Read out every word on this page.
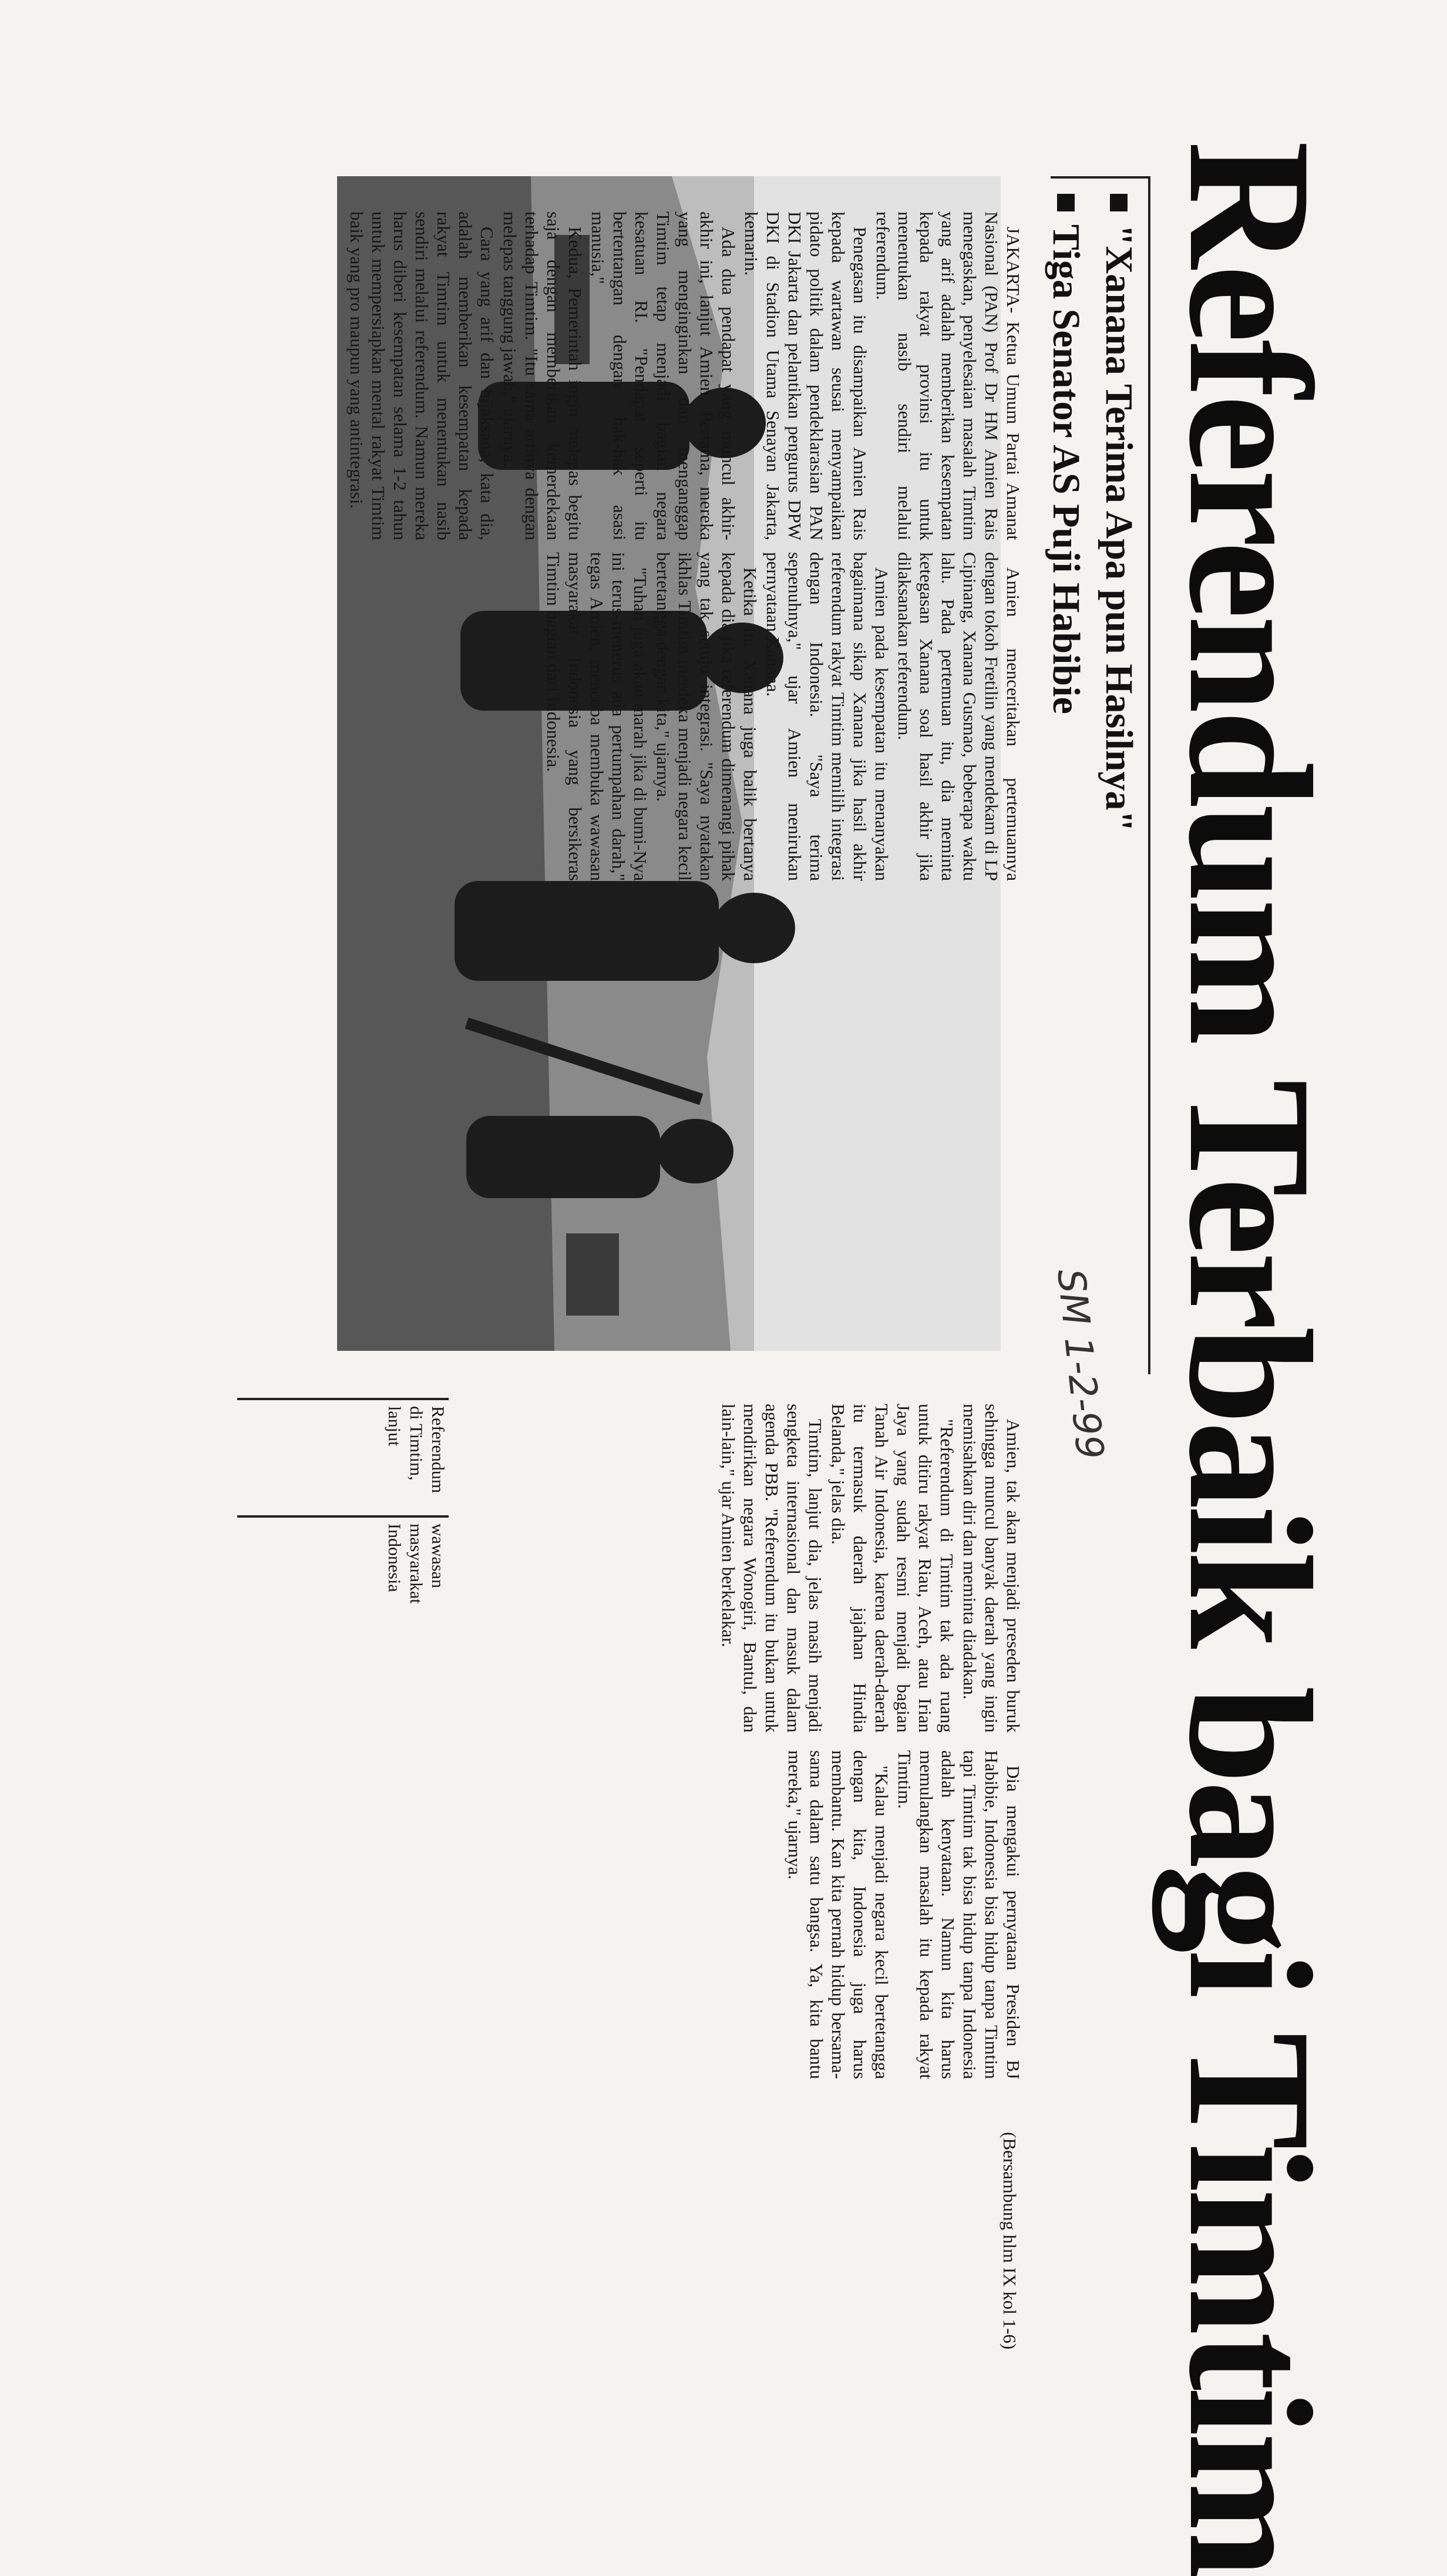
Referendum Terbaik bagi Timtim
"Xanana Terima Apa pun Hasilnya"
Tiga Senator AS Puji Habibie
SM 1-2-99

JAKARTA- Ketua Umum Partai Amanat Nasional (PAN) Prof Dr HM Amien Rais menegaskan, penyelesaian masalah Timtim yang arif adalah memberikan kesempatan kepada rakyat provinsi itu untuk menentukan nasib sendiri melalui referendum.

Penegasan itu disampaikan Amien Rais kepada wartawan seusai menyampaikan pidato politik dalam pendeklarasian PAN DKI Jakarta dan pelantikan pengurus DPW DKI di Stadion Utama Senayan Jakarta, kemarin.

Ada dua pendapat yang muncul akhir-akhir ini, lanjut Amien. Pertama, mereka yang menginginkan dan menganggap Timtim tetap menjadi bagian negara kesatuan RI. "Pendapat seperti itu bertentangan dengan hak-hak asasi manusia,"

Kedua, Pemerintah ingin melepas begitu saja dengan memberikan kemerdekaan terhadap Timtim. "Itu sama artinya dengan melepas tanggung jawab," ujarnya.

Cara yang arif dan bijaksana, kata dia, adalah memberikan kesempatan kepada rakyat Timtim untuk menentukan nasib sendiri melalui referendum. Namun mereka harus diberi kesempatan selama 1-2 tahun untuk mempersiapkan mental rakyat Timtim baik yang pro maupun yang antintegrasi.

Amien menceritakan pertemuannya dengan tokoh Fretilin yang mendekam di LP Cipinang, Xanana Gusmao, beberapa waktu lalu. Pada pertemuan itu, dia meminta ketegasan Xanana soal hasil akhir jika dilaksanakan referendum.

Amien pada kesempatan itu menanyakan bagaimana sikap Xanana jika hasil akhir referendum rakyat Timtim memilih integrasi dengan Indonesia. "Saya terima sepenuhnya," ujar Amien menirukan pernyataan Xanana.

Ketika itu Xanana juga balik bertanya kepada dia jika referendum dimenangi pihak yang tak setuju integrasi. "Saya nyatakan ikhlas Timtim merdeka menjadi negara kecil bertetangga dengan kita," ujarnya.

"Tuhan juga akan marah jika di bumi-Nya ini terus-menerus ada pertumpahan darah," tegas Amien, mencoba membuka wawasan masyarakat Indonesia yang bersikeras Timtim bagian dari Indonesia.

Amien, tak akan menjadi preseden buruk sehingga muncul banyak daerah yang ingin memisahkan diri dan meminta diadakan.

"Referendum di Timtim tak ada ruang untuk ditiru rakyat Riau, Aceh, atau Irian Jaya yang sudah resmi menjadi bagian Tanah Air Indonesia, karena daerah-daerah itu termasuk daerah jajahan Hindia Belanda," jelas dia.

Timtim, lanjut dia, jelas masih menjadi sengketa internasional dan masuk dalam agenda PBB. "Referendum itu bukan untuk mendirikan negara Wonogiri, Bantul, dan lain-lain," ujar Amien berkelakar.

Dia mengakui pernyataan Presiden BJ Habibie, Indonesia bisa hidup tanpa Timtim tapi Timtim tak bisa hidup tanpa Indonesia adalah kenyataan. Namun kita harus memulangkan masalah itu kepada rakyat Timtim.

"Kalau menjadi negara kecil bertetangga dengan kita, Indonesia juga harus membantu. Kan kita pernah hidup bersama-sama dalam satu bangsa. Ya, kita bantu mereka," ujarnya.

(Bersambung hlm IX kol 1-6)

Referendum di Timtim, lanjut
wawasan masyarakat Indonesia
